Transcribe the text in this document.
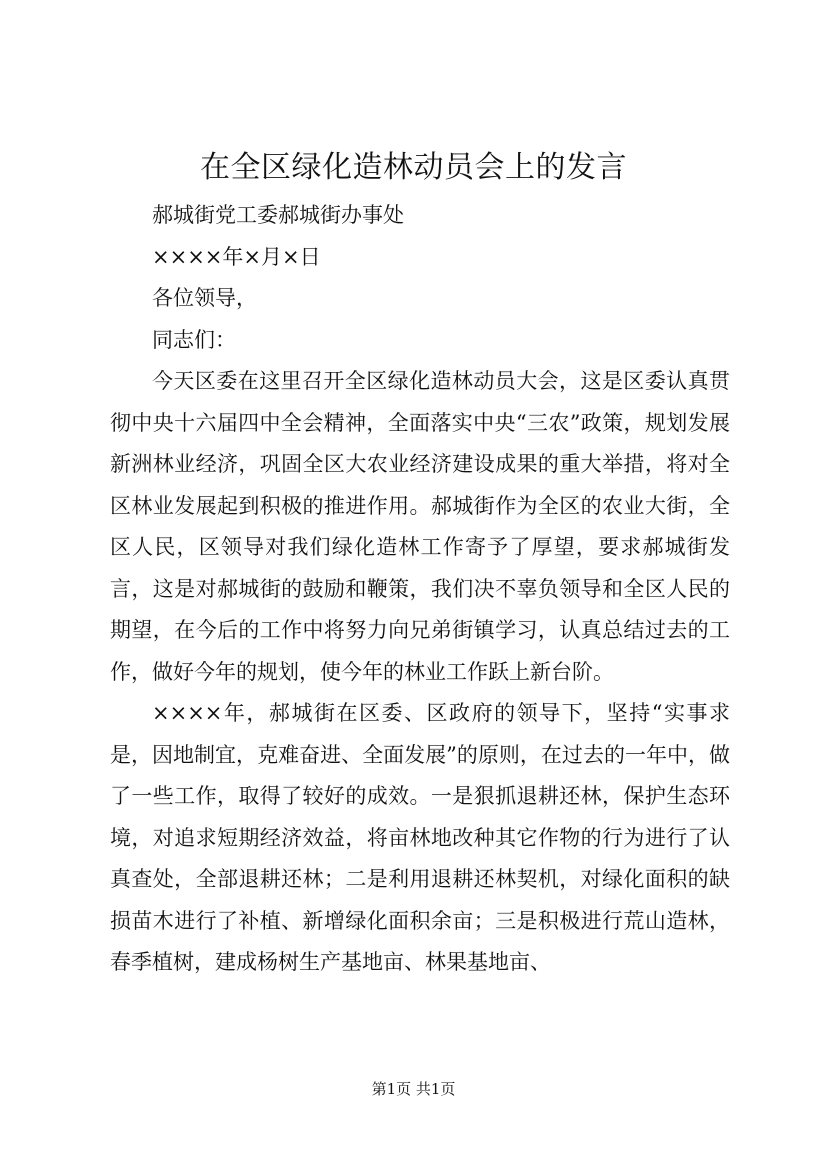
在全区绿化造林动员会上的发言

郝城街党工委郝城街办事处

××××年×月×日

各位领导，

同志们：

今天区委在这里召开全区绿化造林动员大会，这是区委认真贯彻中央十六届四中全会精神，全面落实中央“三农”政策，规划发展新洲林业经济，巩固全区大农业经济建设成果的重大举措，将对全区林业发展起到积极的推进作用。郝城街作为全区的农业大街，全区人民，区领导对我们绿化造林工作寄予了厚望，要求郝城街发言，这是对郝城街的鼓励和鞭策，我们决不辜负领导和全区人民的期望，在今后的工作中将努力向兄弟街镇学习，认真总结过去的工作，做好今年的规划，使今年的林业工作跃上新台阶。

××××年，郝城街在区委、区政府的领导下，坚持“实事求是，因地制宜，克难奋进、全面发展”的原则，在过去的一年中，做了一些工作，取得了较好的成效。一是狠抓退耕还林，保护生态环境，对追求短期经济效益，将亩林地改种其它作物的行为进行了认真查处，全部退耕还林；二是利用退耕还林契机，对绿化面积的缺损苗木进行了补植、新增绿化面积余亩；三是积极进行荒山造林，春季植树，建成杨树生产基地亩、林果基地亩、

第1页 共1页
